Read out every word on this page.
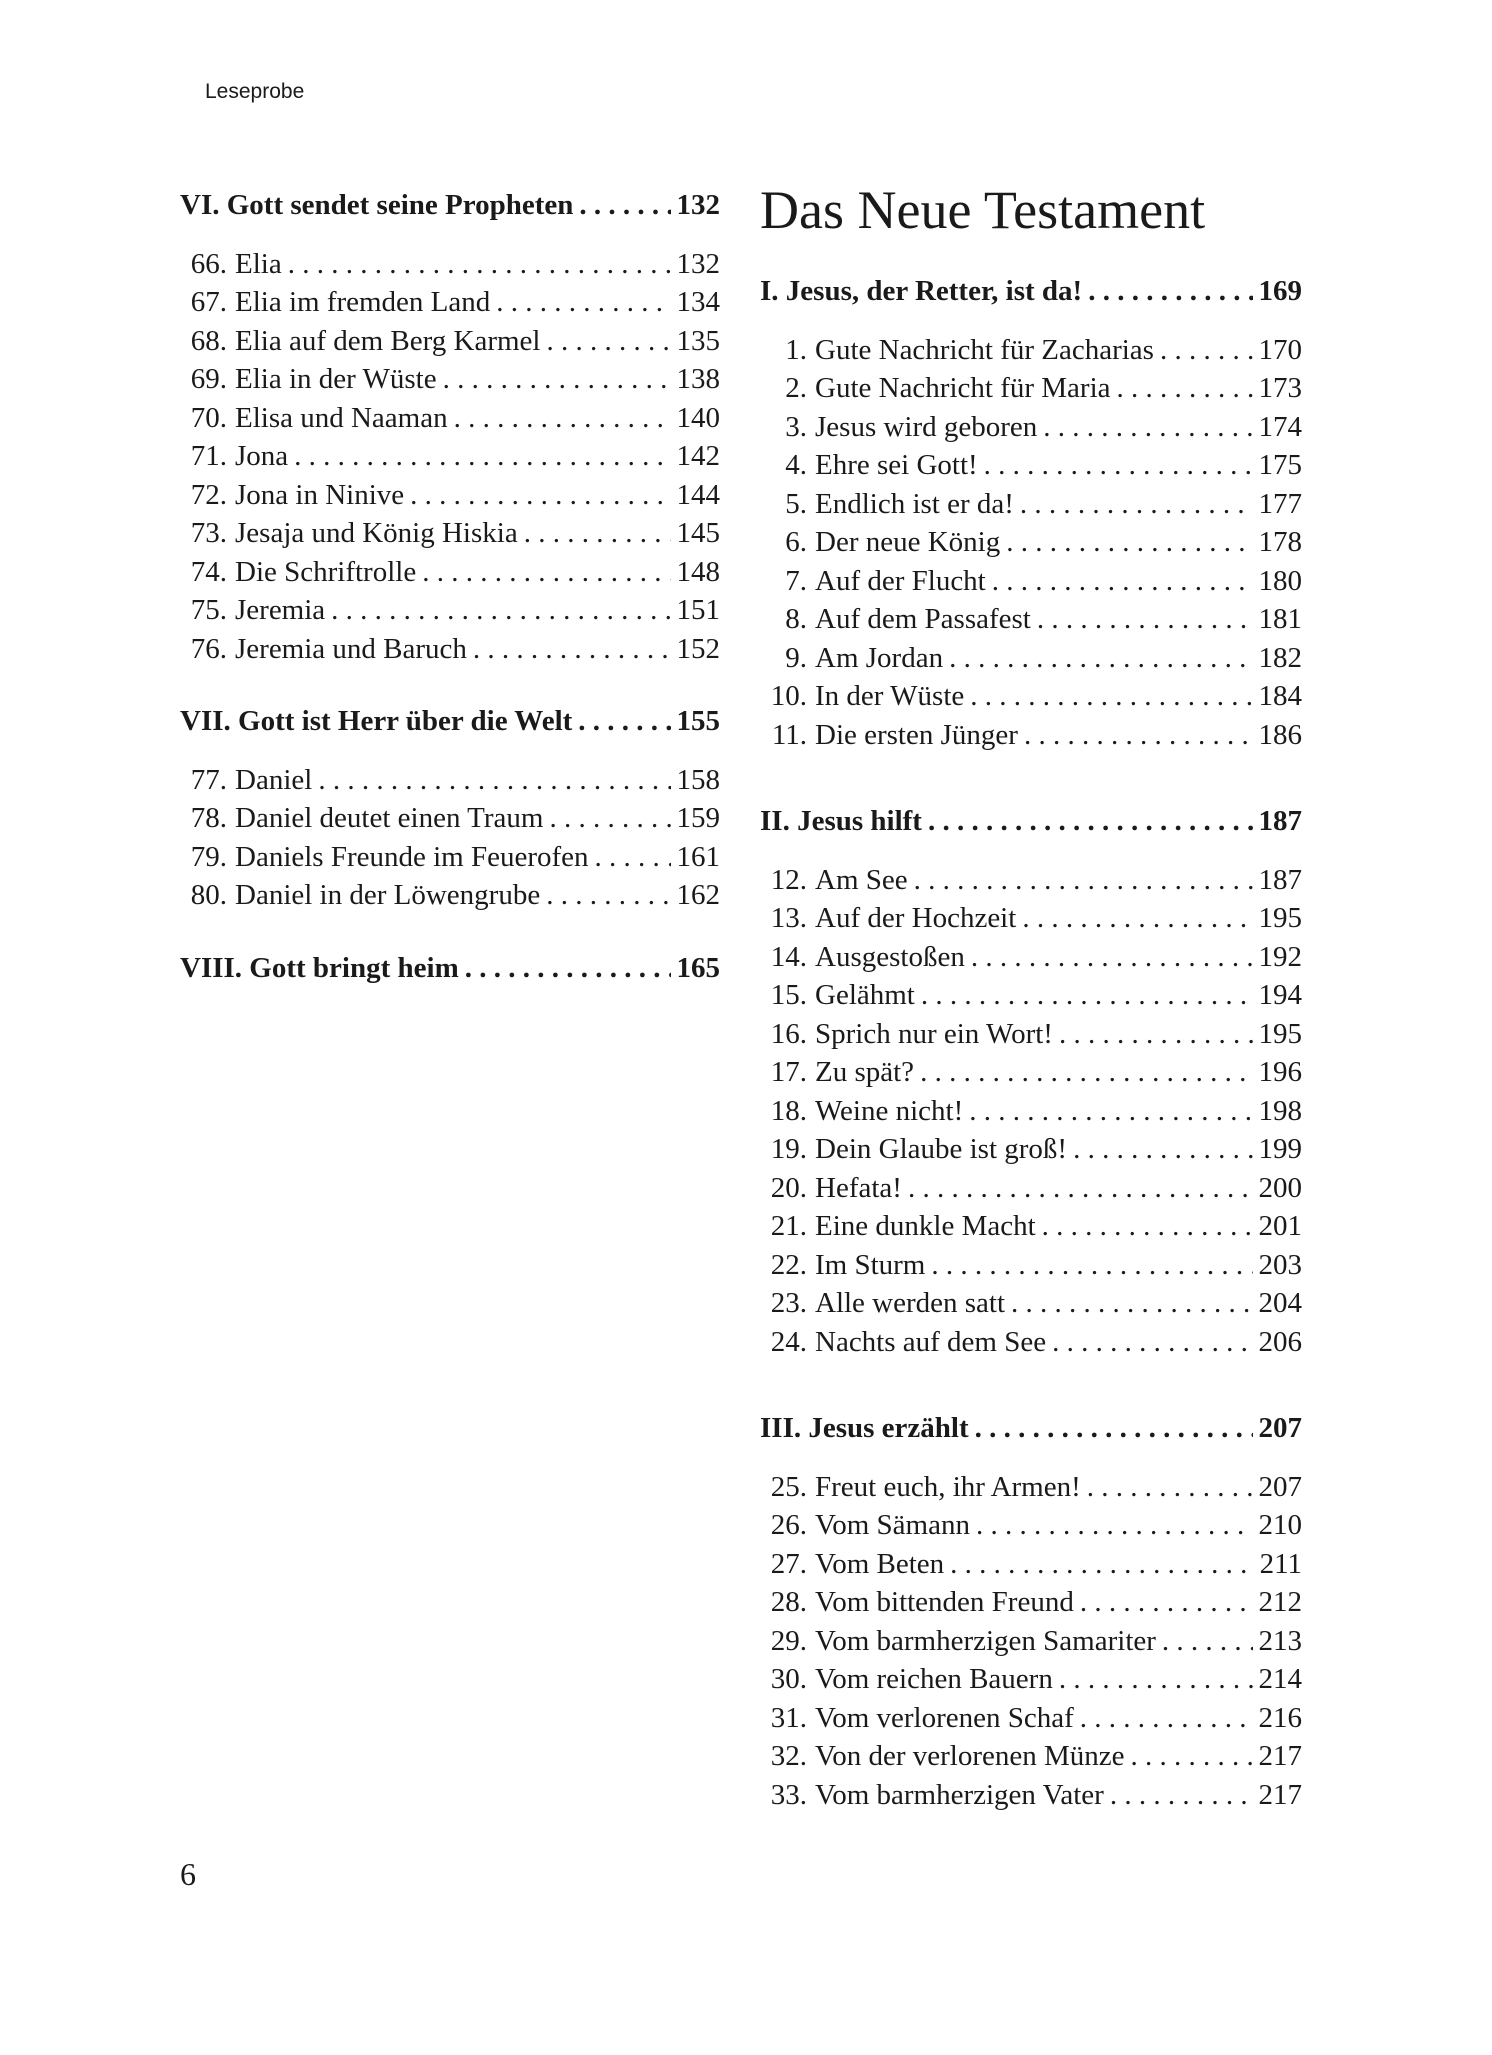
Leseprobe
VI. Gott sendet seine Propheten . . .	132
66. Elia . . .	132
67. Elia im fremden Land . . .	134
68. Elia auf dem Berg Karmel . . .	135
69. Elia in der Wüste . . .	138
70. Elisa und Naaman . . .	140
71. Jona . . .	142
72. Jona in Ninive . . .	144
73. Jesaja und König Hiskia . . .	145
74. Die Schriftrolle . . .	148
75. Jeremia . . .	151
76. Jeremia und Baruch . . .	152
VII. Gott ist Herr über die Welt . . .	155
77. Daniel . . .	158
78. Daniel deutet einen Traum . . .	159
79. Daniels Freunde im Feuerofen . . .	161
80. Daniel in der Löwengrube . . .	162
VIII. Gott bringt heim . . .	165
Das Neue Testament
I. Jesus, der Retter, ist da! . . .	169
1. Gute Nachricht für Zacharias . . .	170
2. Gute Nachricht für Maria . . .	173
3. Jesus wird geboren . . .	174
4. Ehre sei Gott! . . .	175
5. Endlich ist er da! . . .	177
6. Der neue König . . .	178
7. Auf der Flucht . . .	180
8. Auf dem Passafest . . .	181
9. Am Jordan . . .	182
10. In der Wüste . . .	184
11. Die ersten Jünger . . .	186
II. Jesus hilft . . .	187
12. Am See . . .	187
13. Auf der Hochzeit . . .	195
14. Ausgestoßen . . .	192
15. Gelähmt . . .	194
16. Sprich nur ein Wort! . . .	195
17. Zu spät? . . .	196
18. Weine nicht! . . .	198
19. Dein Glaube ist groß! . . .	199
20. Hefata! . . .	200
21. Eine dunkle Macht . . .	201
22. Im Sturm . . .	203
23. Alle werden satt . . .	204
24. Nachts auf dem See . . .	206
III. Jesus erzählt . . .	207
25. Freut euch, ihr Armen! . . .	207
26. Vom Sämann . . .	210
27. Vom Beten . . .	211
28. Vom bittenden Freund . . .	212
29. Vom barmherzigen Samariter . . .	213
30. Vom reichen Bauern . . .	214
31. Vom verlorenen Schaf . . .	216
32. Von der verlorenen Münze . . .	217
33. Vom barmherzigen Vater . . .	217
6
